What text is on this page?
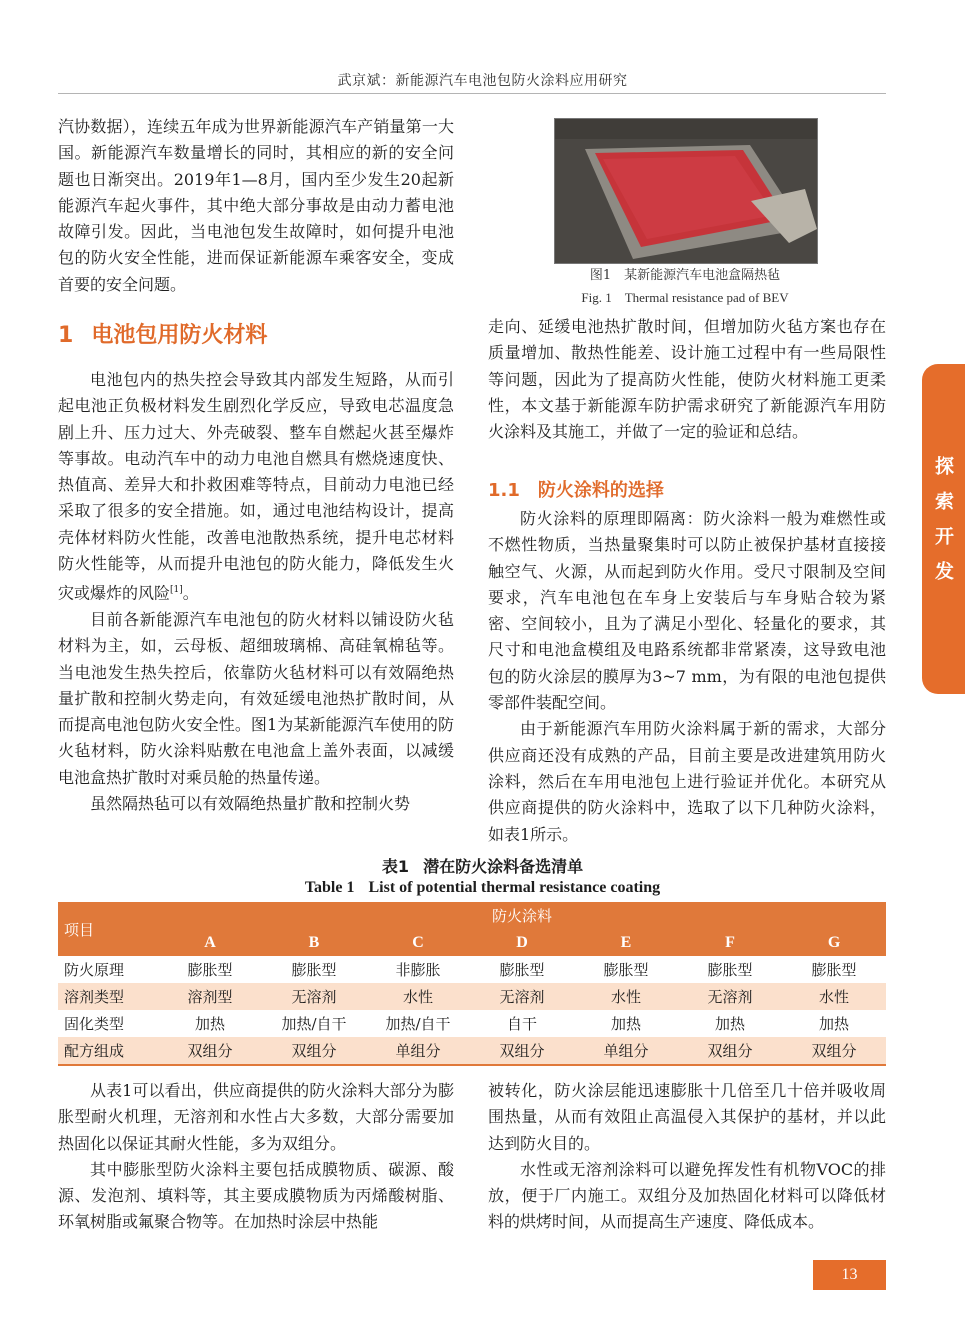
武京斌：新能源汽车电池包防火涂料应用研究

汽协数据），连续五年成为世界新能源汽车产销量第一大国。新能源汽车数量增长的同时，其相应的新的安全问题也日渐突出。2019年1—8月，国内至少发生20起新能源汽车起火事件，其中绝大部分事故是由动力蓄电池故障引发。因此，当电池包发生故障时，如何提升电池包的防火安全性能，进而保证新能源车乘客安全，变成首要的安全问题。

1 电池包用防火材料

电池包内的热失控会导致其内部发生短路，从而引起电池正负极材料发生剧烈化学反应，导致电芯温度急剧上升、压力过大、外壳破裂、整车自燃起火甚至爆炸等事故。电动汽车中的动力电池自燃具有燃烧速度快、热值高、差异大和扑救困难等特点，目前动力电池已经采取了很多的安全措施。如，通过电池结构设计，提高壳体材料防火性能，改善电池散热系统，提升电芯材料防火性能等，从而提升电池包的防火能力，降低发生火灾或爆炸的风险[1]。

目前各新能源汽车电池包的防火材料以铺设防火毡材料为主，如，云母板、超细玻璃棉、高硅氧棉毡等。当电池发生热失控后，依靠防火毡材料可以有效隔绝热量扩散和控制火势走向，有效延缓电池热扩散时间，从而提高电池包防火安全性。图1为某新能源汽车使用的防火毡材料，防火涂料贴敷在电池盒上盖外表面，以减缓电池盒热扩散时对乘员舱的热量传递。

虽然隔热毡可以有效隔绝热量扩散和控制火势

图1　某新能源汽车电池盒隔热毡
Fig. 1　Thermal resistance pad of BEV

走向、延缓电池热扩散时间，但增加防火毡方案也存在质量增加、散热性能差、设计施工过程中有一些局限性等问题，因此为了提高防火性能，使防火材料施工更柔性，本文基于新能源车防护需求研究了新能源汽车用防火涂料及其施工，并做了一定的验证和总结。

1.1 防火涂料的选择

防火涂料的原理即隔离：防火涂料一般为难燃性或不燃性物质，当热量聚集时可以防止被保护基材直接接触空气、火源，从而起到防火作用。受尺寸限制及空间要求，汽车电池包在车身上安装后与车身贴合较为紧密、空间较小，且为了满足小型化、轻量化的要求，其尺寸和电池盒模组及电路系统都非常紧凑，这导致电池包的防火涂层的膜厚为3~7 mm，为有限的电池包提供零部件装配空间。

由于新能源汽车用防火涂料属于新的需求，大部分供应商还没有成熟的产品，目前主要是改进建筑用防火涂料，然后在车用电池包上进行验证并优化。本研究从供应商提供的防火涂料中，选取了以下几种防火涂料，如表1所示。

表1 潜在防火涂料备选清单
Table 1 List of potential thermal resistance coating
项目	防火涂料						
	A	B	C	D	E	F	G
防火原理	膨胀型	膨胀型	非膨胀	膨胀型	膨胀型	膨胀型	膨胀型
溶剂类型	溶剂型	无溶剂	水性	无溶剂	水性	无溶剂	水性
固化类型	加热	加热/自干	加热/自干	自干	加热	加热	加热
配方组成	双组分	双组分	单组分	双组分	单组分	双组分	双组分

从表1可以看出，供应商提供的防火涂料大部分为膨胀型耐火机理，无溶剂和水性占大多数，大部分需要加热固化以保证其耐火性能，多为双组分。

其中膨胀型防火涂料主要包括成膜物质、碳源、酸源、发泡剂、填料等，其主要成膜物质为丙烯酸树脂、环氧树脂或氟聚合物等。在加热时涂层中热能

被转化，防火涂层能迅速膨胀十几倍至几十倍并吸收周围热量，从而有效阻止高温侵入其保护的基材，并以此达到防火目的。

水性或无溶剂涂料可以避免挥发性有机物VOC的排放，便于厂内施工。双组分及加热固化材料可以降低材料的烘烤时间，从而提高生产速度、降低成本。

探索开发
13
